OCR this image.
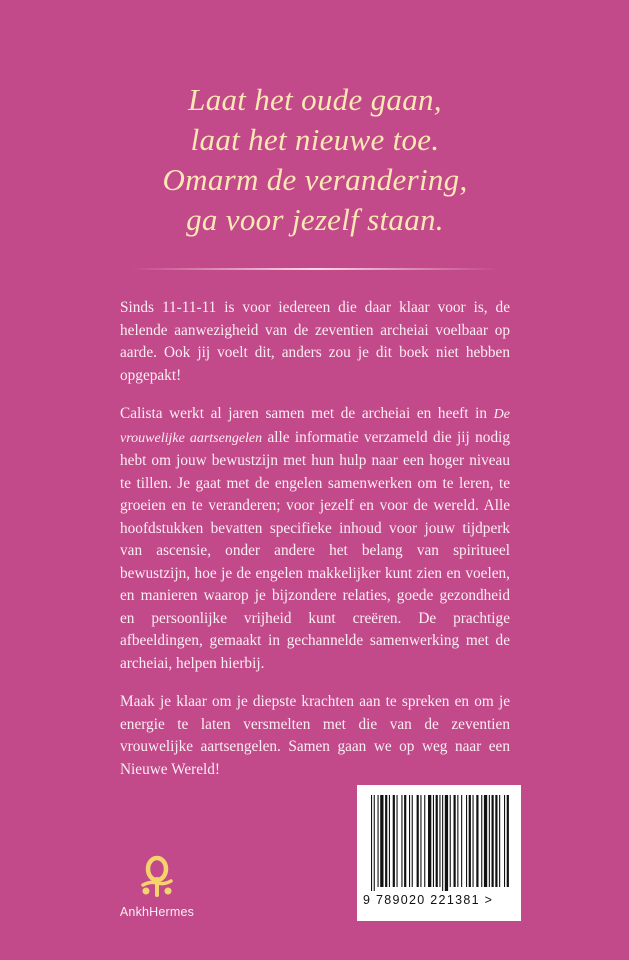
Laat het oude gaan,
laat het nieuwe toe.
Omarm de verandering,
ga voor jezelf staan.

Sinds 11-11-11 is voor iedereen die daar klaar voor is, de helende aanwezigheid van de zeventien archeiai voelbaar op aarde. Ook jij voelt dit, anders zou je dit boek niet hebben opgepakt!

Calista werkt al jaren samen met de archeiai en heeft in De vrouwelijke aartsengelen alle informatie verzameld die jij nodig hebt om jouw bewustzijn met hun hulp naar een hoger niveau te tillen. Je gaat met de engelen samenwerken om te leren, te groeien en te veranderen; voor jezelf en voor de wereld. Alle hoofdstukken bevatten specifieke inhoud voor jouw tijdperk van ascensie, onder andere het belang van spiritueel bewustzijn, hoe je de engelen makkelijker kunt zien en voelen, en manieren waarop je bijzondere relaties, goede gezondheid en persoonlijke vrijheid kunt creëren. De prachtige afbeeldingen, gemaakt in gechannelde samenwerking met de archeiai, helpen hierbij.

Maak je klaar om je diepste krachten aan te spreken en om je energie te laten versmelten met die van de zeventien vrouwelijke aartsengelen. Samen gaan we op weg naar een Nieuwe Wereld!

AnkhHermes
9 789020 221381 >
